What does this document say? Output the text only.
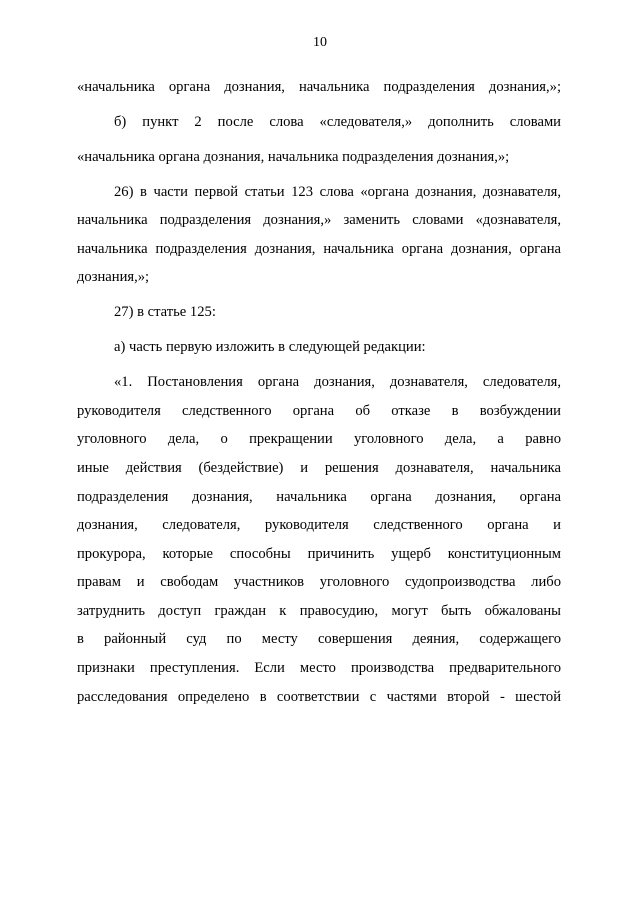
10
«начальника органа дознания, начальника подразделения дознания,»;
б) пункт 2 после слова «следователя,» дополнить словами
«начальника органа дознания, начальника подразделения дознания,»;
26) в части первой статьи 123 слова «органа дознания, дознавателя,
начальника подразделения дознания,» заменить словами «дознавателя,
начальника подразделения дознания, начальника органа дознания, органа
дознания,»;
27) в статье 125:
а) часть первую изложить в следующей редакции:
«1. Постановления органа дознания, дознавателя, следователя,
руководителя следственного органа об отказе в возбуждении
уголовного дела, о прекращении уголовного дела, а равно
иные действия (бездействие) и решения дознавателя, начальника
подразделения дознания, начальника органа дознания, органа
дознания, следователя, руководителя следственного органа и
прокурора, которые способны причинить ущерб конституционным
правам и свободам участников уголовного судопроизводства либо
затруднить доступ граждан к правосудию, могут быть обжалованы
в районный суд по месту совершения деяния, содержащего
признаки преступления. Если место производства предварительного
расследования определено в соответствии с частями второй - шестой
